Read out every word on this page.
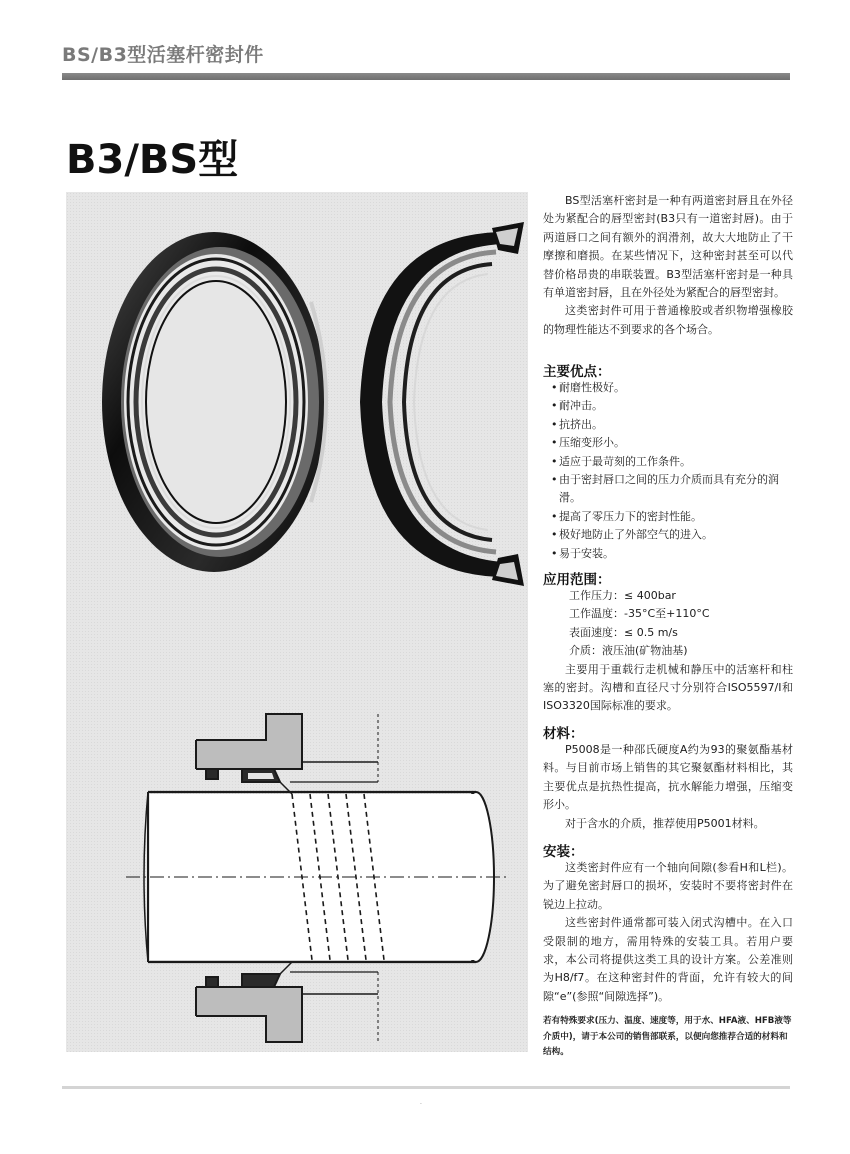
BS/B3型活塞杆密封件
B3/BS型

BS型活塞杆密封是一种有两道密封唇且在外径处为紧配合的唇型密封(B3只有一道密封唇)。由于两道唇口之间有额外的润滑剂，故大大地防止了干摩擦和磨损。在某些情况下，这种密封甚至可以代替价格昂贵的串联装置。B3型活塞杆密封是一种具有单道密封唇，且在外径处为紧配合的唇型密封。

这类密封件可用于普通橡胶或者织物增强橡胶的物理性能达不到要求的各个场合。

主要优点：
• 耐磨性极好。
• 耐冲击。
• 抗挤出。
• 压缩变形小。
• 适应于最苛刻的工作条件。
• 由于密封唇口之间的压力介质而具有充分的润滑。
• 提高了零压力下的密封性能。
• 极好地防止了外部空气的进入。
• 易于安装。
应用范围：
工作压力：≤ 400bar
工作温度：-35°C至+110°C
表面速度：≤ 0.5 m/s
介质：液压油(矿物油基)

主要用于重载行走机械和静压中的活塞杆和柱塞的密封。沟槽和直径尺寸分别符合ISO5597/I和ISO3320国际标准的要求。

材料：

P5008是一种邵氏硬度A约为93的聚氨酯基材料。与目前市场上销售的其它聚氨酯材料相比，其主要优点是抗热性提高，抗水解能力增强，压缩变形小。

对于含水的介质，推荐使用P5001材料。

安装：

这类密封件应有一个轴向间隙(参看H和L栏)。为了避免密封唇口的损坏，安装时不要将密封件在锐边上拉动。

这些密封件通常都可装入闭式沟槽中。在入口受限制的地方，需用特殊的安装工具。若用户要求，本公司将提供这类工具的设计方案。公差准则为H8/f7。在这种密封件的背面，允许有较大的间隙“e”(参照“间隙选择”)。

若有特殊要求(压力、温度、速度等，用于水、HFA液、HFB液等介质中)，请于本公司的销售部联系，以便向您推荐合适的材料和结构。
·
